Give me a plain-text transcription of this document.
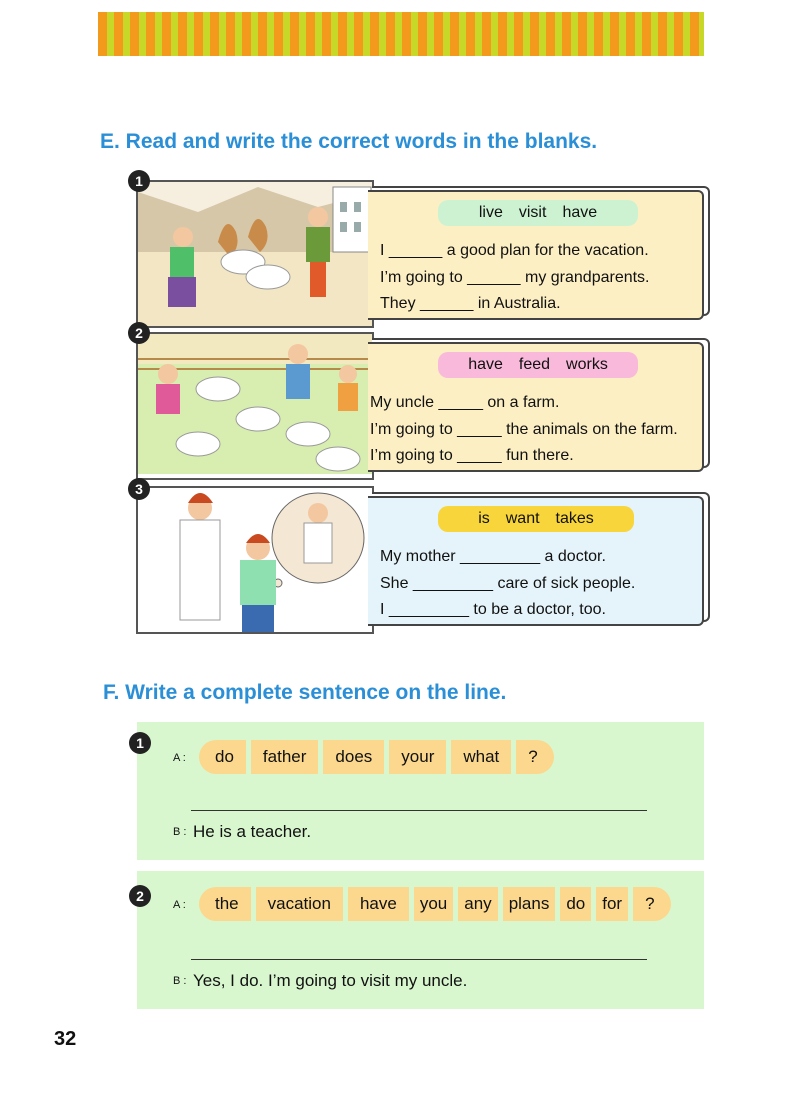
E. Read and write the correct words in the blanks.
1
live visit have
I ______ a good plan for the vacation.
I’m going to ______ my grandparents.
They ______ in Australia.
2
have feed works
My uncle _____ on a farm.
I’m going to _____ the animals on the farm.
I’m going to _____ fun there.
3
is want takes
My mother _________ a doctor.
She _________ care of sick people.
I _________ to be a doctor, too.
F. Write a complete sentence on the line.
1
A :	do	father	does	your	what	?
B : He is a teacher.
2
A :	the	vacation	have	you	any	plans	do	for	?
B : Yes, I do. I’m going to visit my uncle.
32
